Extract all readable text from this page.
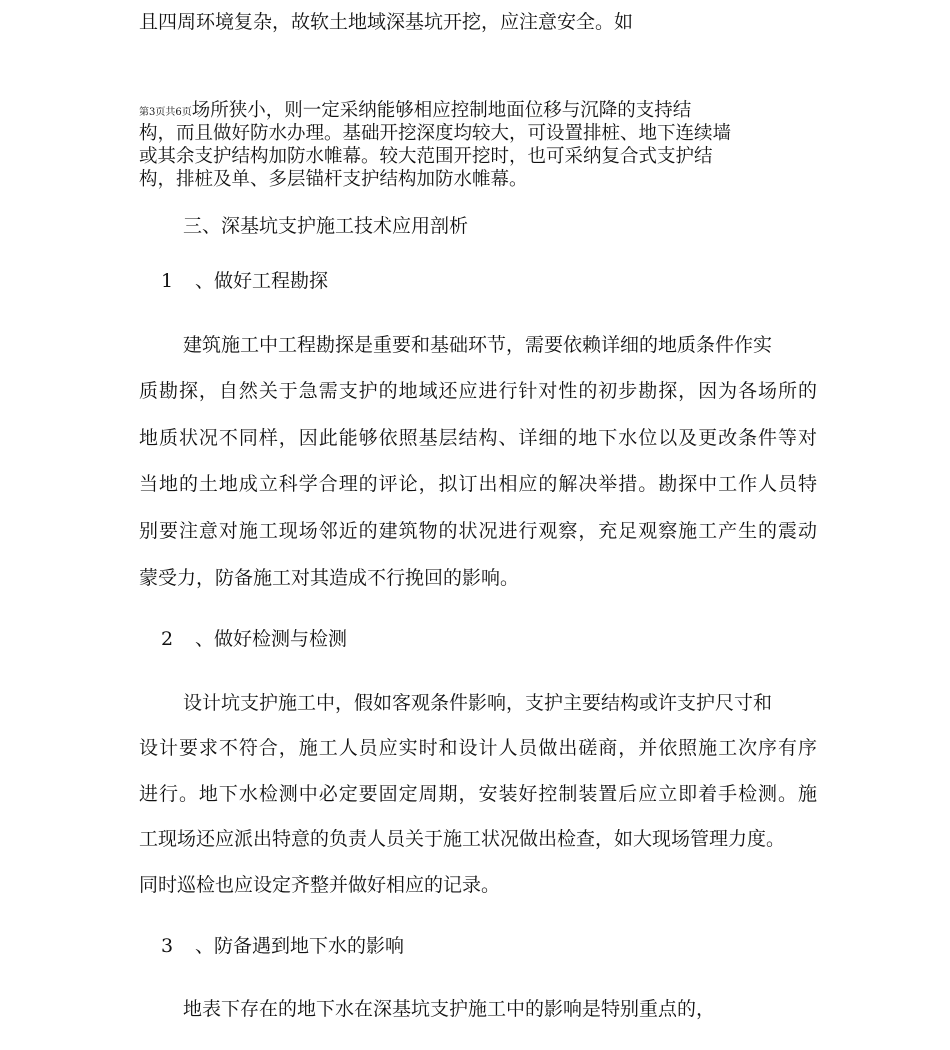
且四周环境复杂，故软土地域深基坑开挖，应注意安全。如
第3页共6页场所狭小，则一定采纳能够相应控制地面位移与沉降的支持结
构，而且做好防水办理。基础开挖深度均较大，可设置排桩、地下连续墙
或其余支护结构加防水帷幕。较大范围开挖时，也可采纳复合式支护结
构，排桩及单、多层锚杆支护结构加防水帷幕。
三、深基坑支护施工技术应用剖析
1 、做好工程勘探
建筑施工中工程勘探是重要和基础环节，需要依赖详细的地质条件作实
质勘探，自然关于急需支护的地域还应进行针对性的初步勘探，因为各场所的
地质状况不同样，因此能够依照基层结构、详细的地下水位以及更改条件等对
当地的土地成立科学合理的评论，拟订出相应的解决举措。勘探中工作人员特
别要注意对施工现场邻近的建筑物的状况进行观察，充足观察施工产生的震动
蒙受力，防备施工对其造成不行挽回的影响。
2 、做好检测与检测
设计坑支护施工中，假如客观条件影响，支护主要结构或许支护尺寸和
设计要求不符合，施工人员应实时和设计人员做出磋商，并依照施工次序有序
进行。地下水检测中必定要固定周期，安装好控制装置后应立即着手检测。施
工现场还应派出特意的负责人员关于施工状况做出检查，如大现场管理力度。
同时巡检也应设定齐整并做好相应的记录。
3 、防备遇到地下水的影响
地表下存在的地下水在深基坑支护施工中的影响是特别重点的，
